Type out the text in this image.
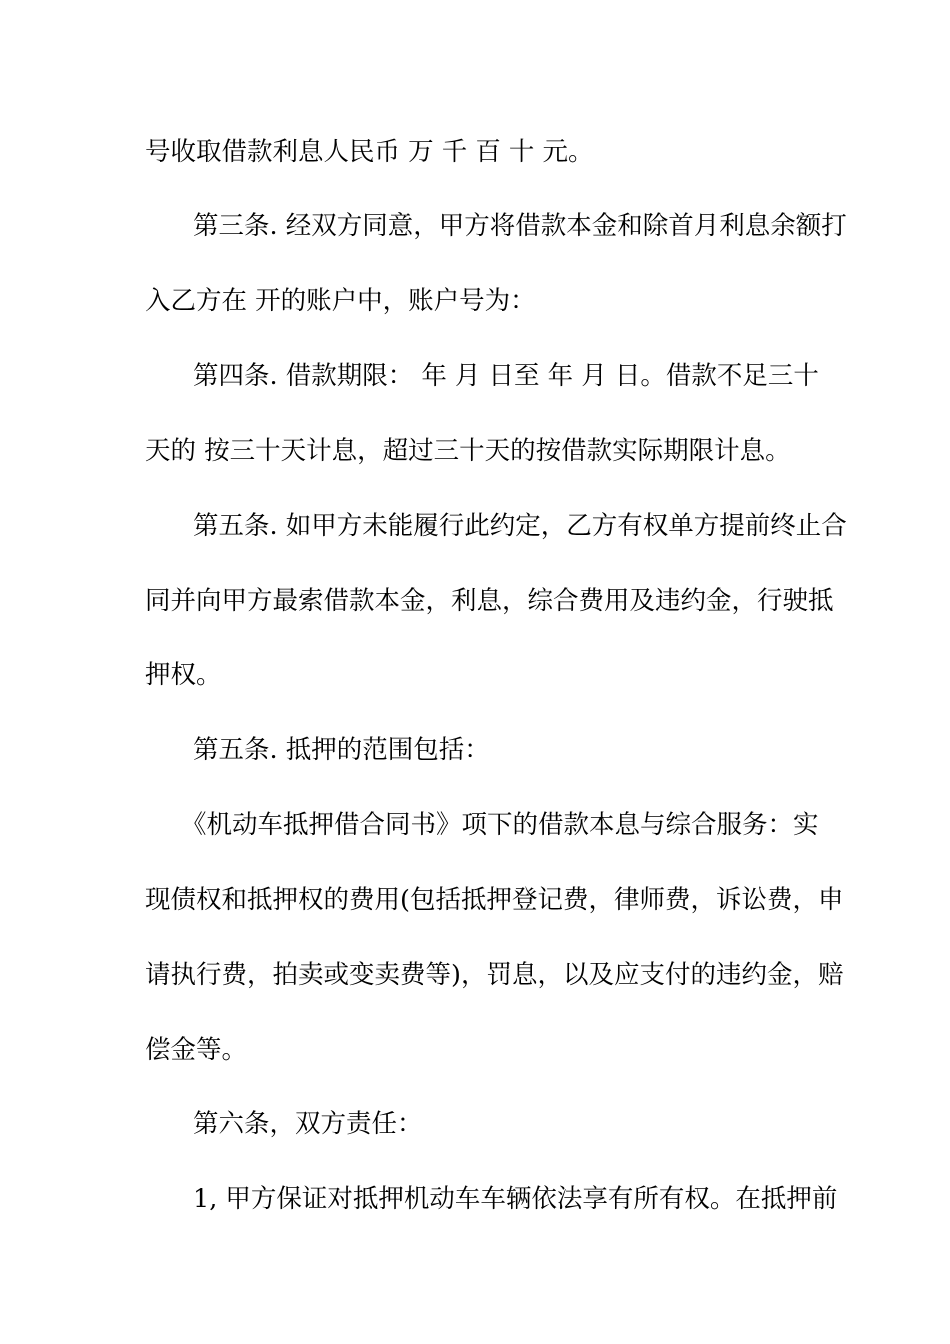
号收取借款利息人民币 万 千 百 十 元。
第三条. 经双方同意，甲方将借款本金和除首月利息余额打
入乙方在 开的账户中，账户号为：
第四条. 借款期限： 年 月 日至 年 月 日。借款不足三十
天的 按三十天计息，超过三十天的按借款实际期限计息。
第五条. 如甲方未能履行此约定，乙方有权单方提前终止合
同并向甲方最索借款本金，利息，综合费用及违约金，行驶抵
押权。
第五条. 抵押的范围包括：
《机动车抵押借合同书》项下的借款本息与综合服务：实
现债权和抵押权的费用(包括抵押登记费，律师费，诉讼费，申
请执行费，拍卖或变卖费等)，罚息，以及应支付的违约金，赔
偿金等。
第六条，双方责任：
1, 甲方保证对抵押机动车车辆依法享有所有权。在抵押前
